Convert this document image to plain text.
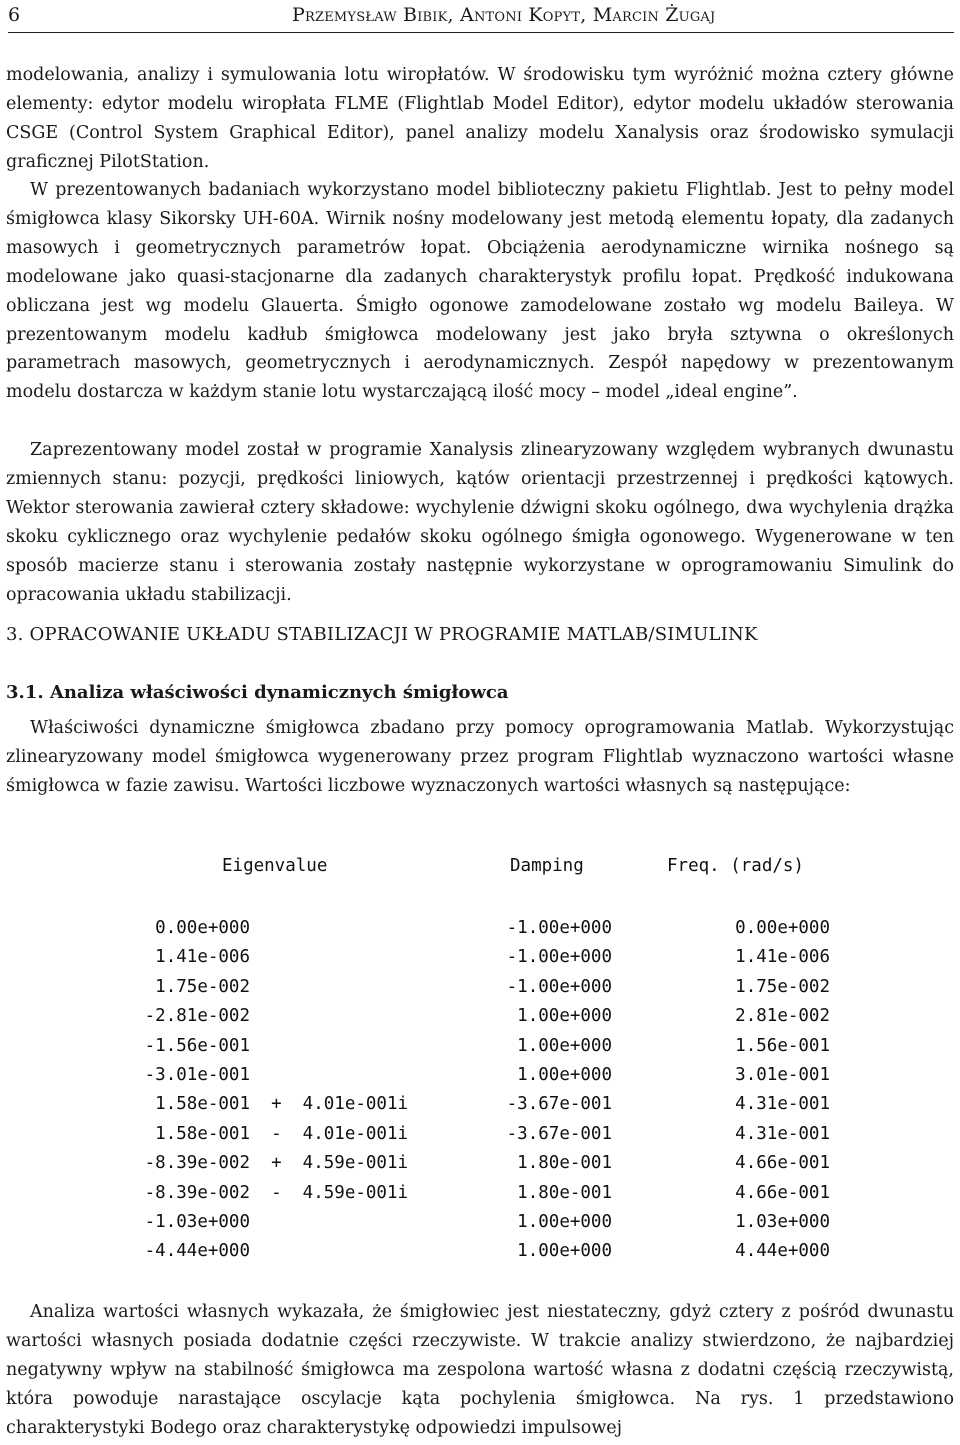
6	Przemysław Bibik, Antoni Kopyt, Marcin Żugaj

modelowania, analizy i symulowania lotu wiropłatów. W środowisku tym wyróżnić można cztery główne elementy: edytor modelu wiropłata FLME (Flightlab Model Editor), edytor modelu układów sterowania CSGE (Control System Graphical Editor), panel analizy modelu Xanalysis oraz środowisko symulacji graficznej PilotStation.

W prezentowanych badaniach wykorzystano model biblioteczny pakietu Flightlab. Jest to pełny model śmigłowca klasy Sikorsky UH-60A. Wirnik nośny modelowany jest metodą elementu łopaty, dla zadanych masowych i geometrycznych parametrów łopat. Obciążenia aerodynamiczne wirnika nośnego są modelowane jako quasi-stacjonarne dla zadanych charakterystyk profilu łopat. Prędkość indukowana obliczana jest wg modelu Glauerta. Śmigło ogonowe zamodelowane zostało wg modelu Baileya. W prezentowanym modelu kadłub śmigłowca modelowany jest jako bryła sztywna o określonych parametrach masowych, geometrycznych i aerodynamicznych. Zespół napędowy w prezentowanym modelu dostarcza w każdym stanie lotu wystarczającą ilość mocy – model „ideal engine”.

Zaprezentowany model został w programie Xanalysis zlinearyzowany względem wybranych dwunastu zmiennych stanu: pozycji, prędkości liniowych, kątów orientacji przestrzennej i prędkości kątowych. Wektor sterowania zawierał cztery składowe: wychylenie dźwigni skoku ogólnego, dwa wychylenia drążka skoku cyklicznego oraz wychylenie pedałów skoku ogólnego śmigła ogonowego. Wygenerowane w ten sposób macierze stanu i sterowania zostały następnie wykorzystane w oprogramowaniu Simulink do opracowania układu stabilizacji.

3. OPRACOWANIE UKŁADU STABILIZACJI W PROGRAMIE MATLAB/SIMULINK
3.1. Analiza właściwości dynamicznych śmigłowca

Właściwości dynamiczne śmigłowca zbadano przy pomocy oprogramowania Matlab. Wykorzystując zlinearyzowany model śmigłowca wygenerowany przez program Flightlab wyznaczono wartości własne śmigłowca w fazie zawisu. Wartości liczbowe wyznaczonych wartości własnych są następujące:

Eigenvalue	Damping	Freq. (rad/s)
0.00e+000	-1.00e+000	0.00e+000
1.41e-006	-1.00e+000	1.41e-006
1.75e-002	-1.00e+000	1.75e-002
-2.81e-002	1.00e+000	2.81e-002
-1.56e-001	1.00e+000	1.56e-001
-3.01e-001	1.00e+000	3.01e-001
1.58e-001  +  4.01e-001i	-3.67e-001	4.31e-001
1.58e-001  -  4.01e-001i	-3.67e-001	4.31e-001
-8.39e-002  +  4.59e-001i	1.80e-001	4.66e-001
-8.39e-002  -  4.59e-001i	1.80e-001	4.66e-001
-1.03e+000	1.00e+000	1.03e+000
-4.44e+000	1.00e+000	4.44e+000

Analiza wartości własnych wykazała, że śmigłowiec jest niestateczny, gdyż cztery z pośród dwunastu wartości własnych posiada dodatnie części rzeczywiste. W trakcie analizy stwierdzono, że najbardziej negatywny wpływ na stabilność śmigłowca ma zespolona wartość własna z dodatni częścią rzeczywistą, która powoduje narastające oscylacje kąta pochylenia śmigłowca. Na rys. 1 przedstawiono charakterystyki Bodego oraz charakterystykę odpowiedzi impulsowej
